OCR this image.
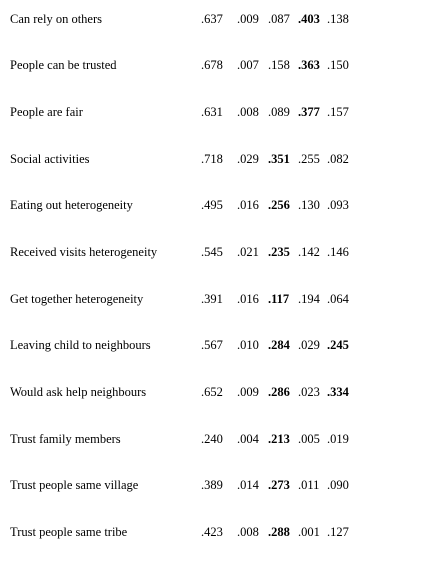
Can rely on others	.637 .009 .087 .403 .138
People can be trusted	.678 .007 .158 .363 .150
People are fair	.631 .008 .089 .377 .157
Social activities	.718 .029 .351 .255 .082
Eating out heterogeneity	.495 .016 .256 .130 .093
Received visits heterogeneity	.545 .021 .235 .142 .146
Get together heterogeneity	.391 .016 .117 .194 .064
Leaving child to neighbours	.567 .010 .284 .029 .245
Would ask help neighbours	.652 .009 .286 .023 .334
Trust family members	.240 .004 .213 .005 .019
Trust people same village	.389 .014 .273 .011 .090
Trust people same tribe	.423 .008 .288 .001 .127
